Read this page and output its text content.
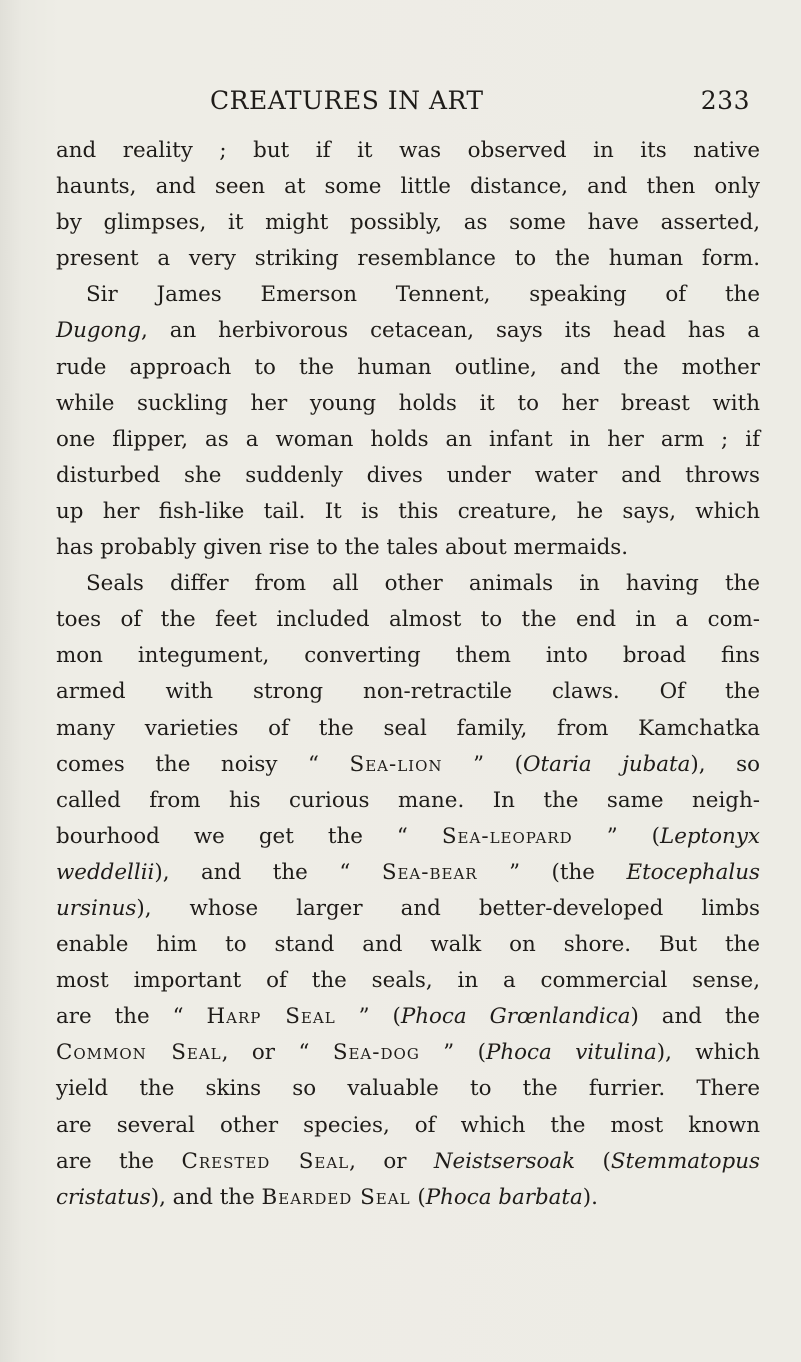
CREATURES IN ART	233
and reality ; but if it was observed in its native
haunts, and seen at some little distance, and then only
by glimpses, it might possibly, as some have asserted,
present a very striking resemblance to the human form.
Sir James Emerson Tennent, speaking of the
Dugong, an herbivorous cetacean, says its head has a
rude approach to the human outline, and the mother
while suckling her young holds it to her breast with
one flipper, as a woman holds an infant in her arm ; if
disturbed she suddenly dives under water and throws
up her fish-like tail. It is this creature, he says, which
has probably given rise to the tales about mermaids.
Seals differ from all other animals in having the
toes of the feet included almost to the end in a com-
mon integument, converting them into broad fins
armed with strong non-retractile claws. Of the
many varieties of the seal family, from Kamchatka
comes the noisy “ Sea-lion ” (Otaria jubata), so
called from his curious mane. In the same neigh-
bourhood we get the “ Sea-leopard ” (Leptonyx
weddellii), and the “ Sea-bear ” (the Etocephalus
ursinus), whose larger and better-developed limbs
enable him to stand and walk on shore. But the
most important of the seals, in a commercial sense,
are the “ Harp Seal ” (Phoca Grœnlandica) and the
Common Seal, or “ Sea-dog ” (Phoca vitulina), which
yield the skins so valuable to the furrier. There
are several other species, of which the most known
are the Crested Seal, or Neistsersoak (Stemmatopus
cristatus), and the Bearded Seal (Phoca barbata).
